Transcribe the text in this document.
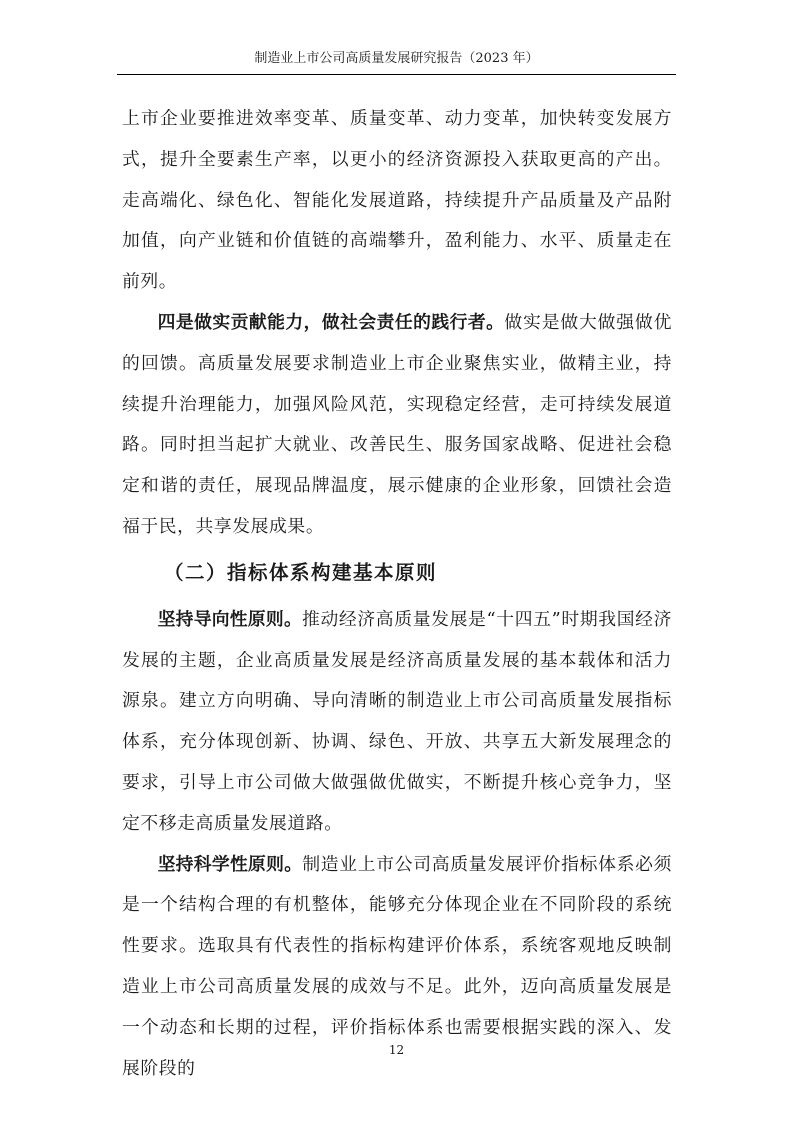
制造业上市公司高质量发展研究报告（2023 年）

上市企业要推进效率变革、质量变革、动力变革，加快转变发展方式，提升全要素生产率，以更小的经济资源投入获取更高的产出。走高端化、绿色化、智能化发展道路，持续提升产品质量及产品附加值，向产业链和价值链的高端攀升，盈利能力、水平、质量走在前列。

四是做实贡献能力，做社会责任的践行者。做实是做大做强做优的回馈。高质量发展要求制造业上市企业聚焦实业，做精主业，持续提升治理能力，加强风险风范，实现稳定经营，走可持续发展道路。同时担当起扩大就业、改善民生、服务国家战略、促进社会稳定和谐的责任，展现品牌温度，展示健康的企业形象，回馈社会造福于民，共享发展成果。

（二）指标体系构建基本原则

坚持导向性原则。推动经济高质量发展是“十四五”时期我国经济发展的主题，企业高质量发展是经济高质量发展的基本载体和活力源泉。建立方向明确、导向清晰的制造业上市公司高质量发展指标体系，充分体现创新、协调、绿色、开放、共享五大新发展理念的要求，引导上市公司做大做强做优做实，不断提升核心竞争力，坚定不移走高质量发展道路。

坚持科学性原则。制造业上市公司高质量发展评价指标体系必须是一个结构合理的有机整体，能够充分体现企业在不同阶段的系统性要求。选取具有代表性的指标构建评价体系，系统客观地反映制造业上市公司高质量发展的成效与不足。此外，迈向高质量发展是一个动态和长期的过程，评价指标体系也需要根据实践的深入、发展阶段的

12
